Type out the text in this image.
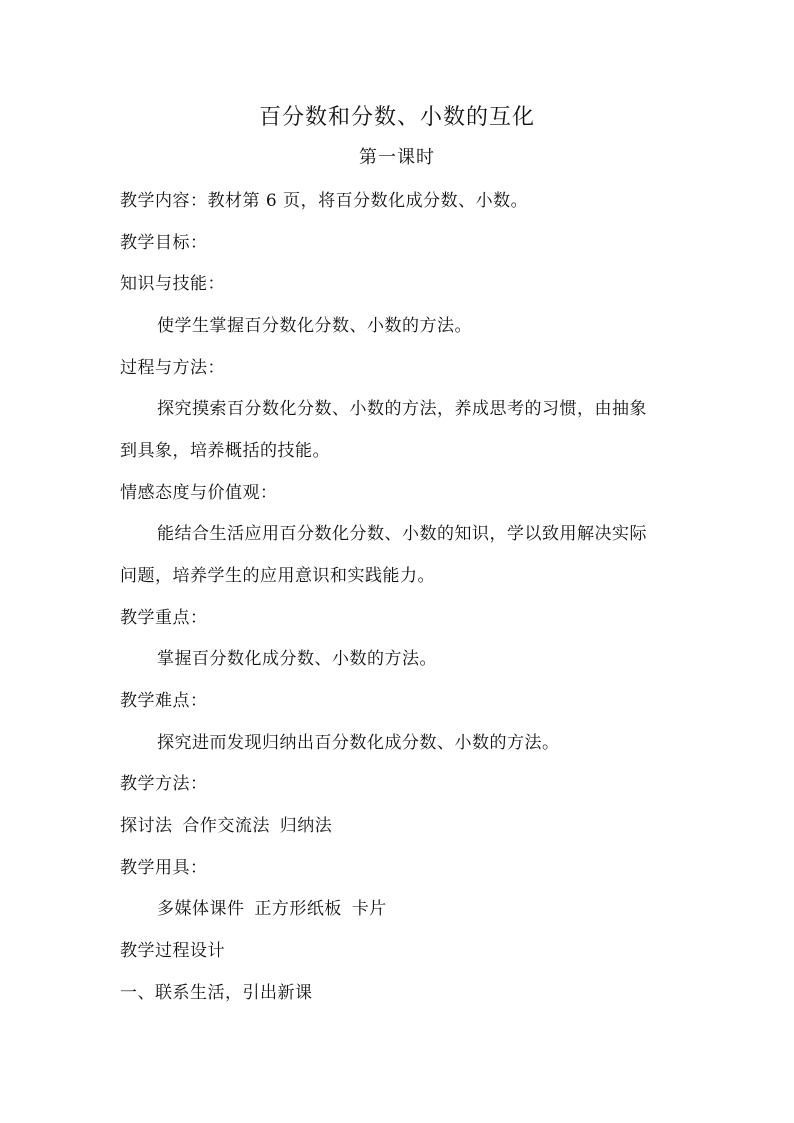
百分数和分数、小数的互化
第一课时
教学内容：教材第 6 页，将百分数化成分数、小数。
教学目标：
知识与技能：
使学生掌握百分数化分数、小数的方法。
过程与方法：
探究摸索百分数化分数、小数的方法，养成思考的习惯，由抽象
到具象，培养概括的技能。
情感态度与价值观：
能结合生活应用百分数化分数、小数的知识，学以致用解决实际
问题，培养学生的应用意识和实践能力。
教学重点：
掌握百分数化成分数、小数的方法。
教学难点：
探究进而发现归纳出百分数化成分数、小数的方法。
教学方法：
探讨法 合作交流法 归纳法
教学用具：
多媒体课件 正方形纸板 卡片
教学过程设计
一、联系生活，引出新课
